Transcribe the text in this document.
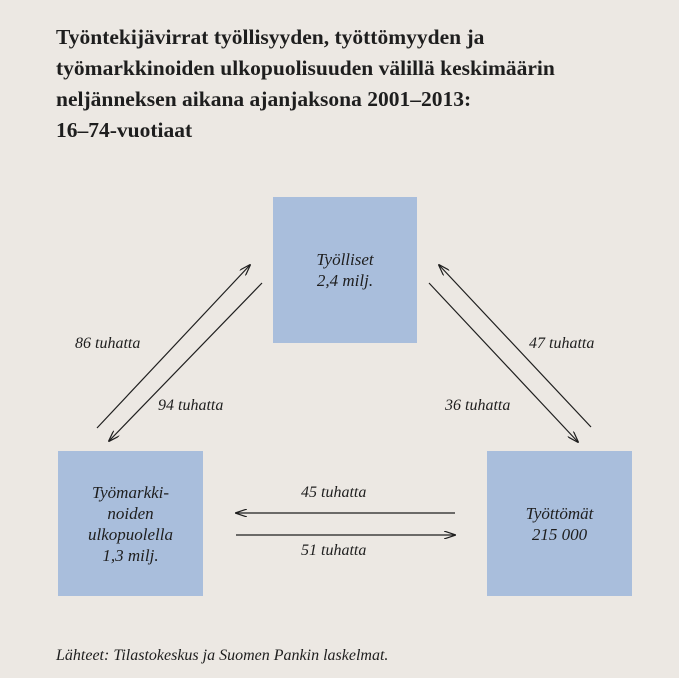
Työntekijävirrat työllisyyden, työttömyyden ja
työmarkkinoiden ulkopuolisuuden välillä keskimäärin
neljänneksen aikana ajanjaksona 2001–2013:
16–74-vuotiaat
Työlliset
2,4 milj.
Työmarkki-
noiden
ulkopuolella
1,3 milj.
Työttömät
215 000
86 tuhatta
94 tuhatta
47 tuhatta
36 tuhatta
45 tuhatta
51 tuhatta
Lähteet: Tilastokeskus ja Suomen Pankin laskelmat.
